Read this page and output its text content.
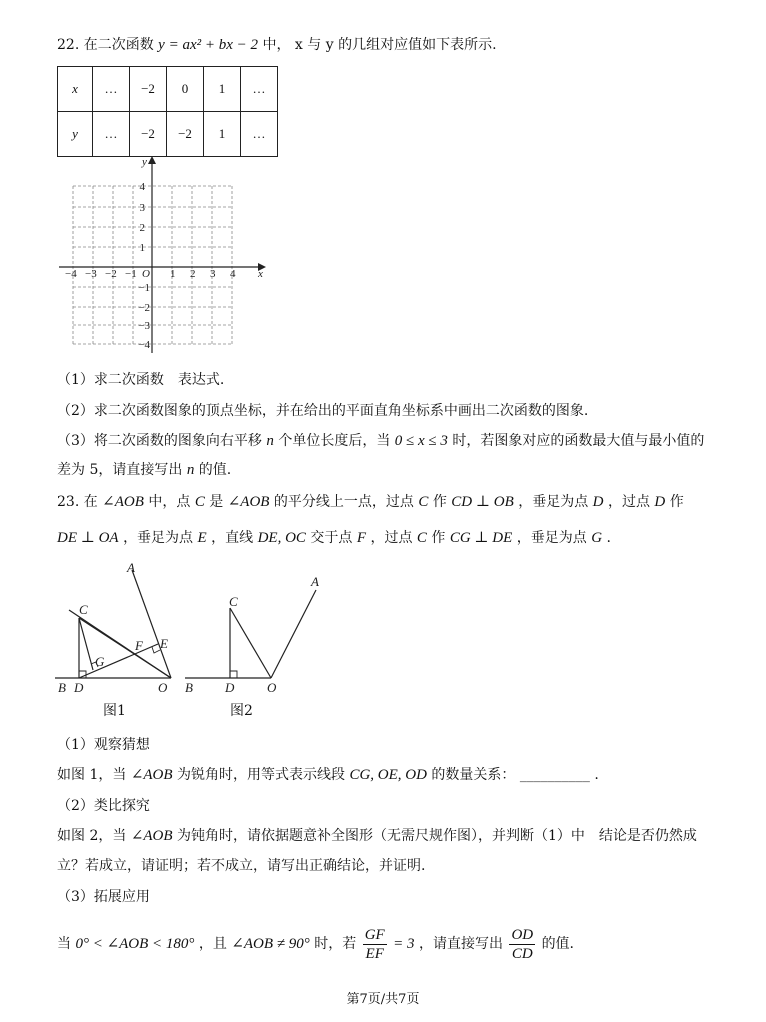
22. 在二次函数 y = ax² + bx − 2 中， x 与 y 的几组对应值如下表所示.
x	…	−2	0	1	…
y	…	−2	−2	1	…
x
y
O
−4 −3 −2 −1	1 2 3 4
4
3
2
1
−1
−2
−3
−4
（1）求二次函数　表达式.
（2）求二次函数图象的顶点坐标，并在给出的平面直角坐标系中画出二次函数的图象.
（3）将二次函数的图象向右平移 n 个单位长度后，当 0 ≤ x ≤ 3 时，若图象对应的函数最大值与最小值的
差为 5，请直接写出 n 的值.
23. 在 ∠AOB 中，点 C 是 ∠AOB 的平分线上一点，过点 C 作 CD ⊥ OB ，垂足为点 D ，过点 D 作
DE ⊥ OA ，垂足为点 E ，直线 DE, OC 交于点 F ，过点 C 作 CG ⊥ DE ，垂足为点 G .
A
C
E
F
G
B D	O
图1
A
C
B D	O
图2
（1）观察猜想
如图 1，当 ∠AOB 为锐角时，用等式表示线段 CG, OE, OD 的数量关系： __________ .
（2）类比探究
如图 2，当 ∠AOB 为钝角时，请依据题意补全图形（无需尺规作图），并判断（1）中　结论是否仍然成
立？若成立，请证明；若不成立，请写出正确结论，并证明.
（3）拓展应用
当 0° < ∠AOB < 180° ，且 ∠AOB ≠ 90° 时，若 $\frac{GF}{EF} = 3$ ，请直接写出 $\frac{OD}{CD}$ 的值.
第7页/共7页
